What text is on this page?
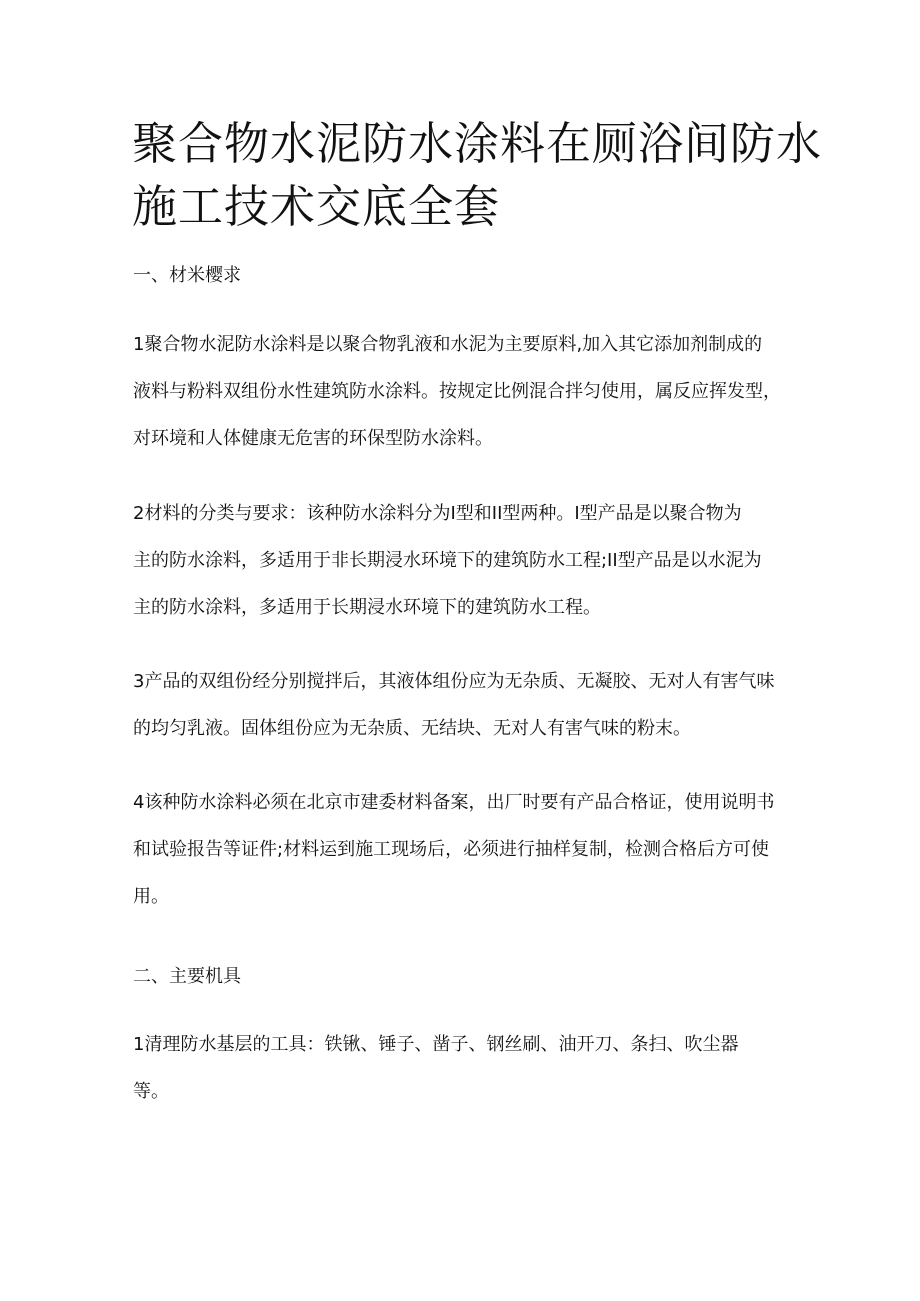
聚合物水泥防水涂料在厕浴间防水
施工技术交底全套
一、材米樱求
1聚合物水泥防水涂料是以聚合物乳液和水泥为主要原料,加入其它添加剂制成的
液料与粉料双组份水性建筑防水涂料。按规定比例混合拌匀使用，属反应挥发型，
对环境和人体健康无危害的环保型防水涂料。
2材料的分类与要求：该种防水涂料分为I型和II型两种。I型产品是以聚合物为
主的防水涂料，多适用于非长期浸水环境下的建筑防水工程;II型产品是以水泥为
主的防水涂料，多适用于长期浸水环境下的建筑防水工程。
3产品的双组份经分别搅拌后，其液体组份应为无杂质、无凝胶、无对人有害气味
的均匀乳液。固体组份应为无杂质、无结块、无对人有害气味的粉末。
4该种防水涂料必须在北京市建委材料备案，出厂时要有产品合格证，使用说明书
和试验报告等证件;材料运到施工现场后，必须进行抽样复制，检测合格后方可使
用。
二、主要机具
1清理防水基层的工具：铁锹、锤子、凿子、钢丝刷、油开刀、条扫、吹尘器
等。
